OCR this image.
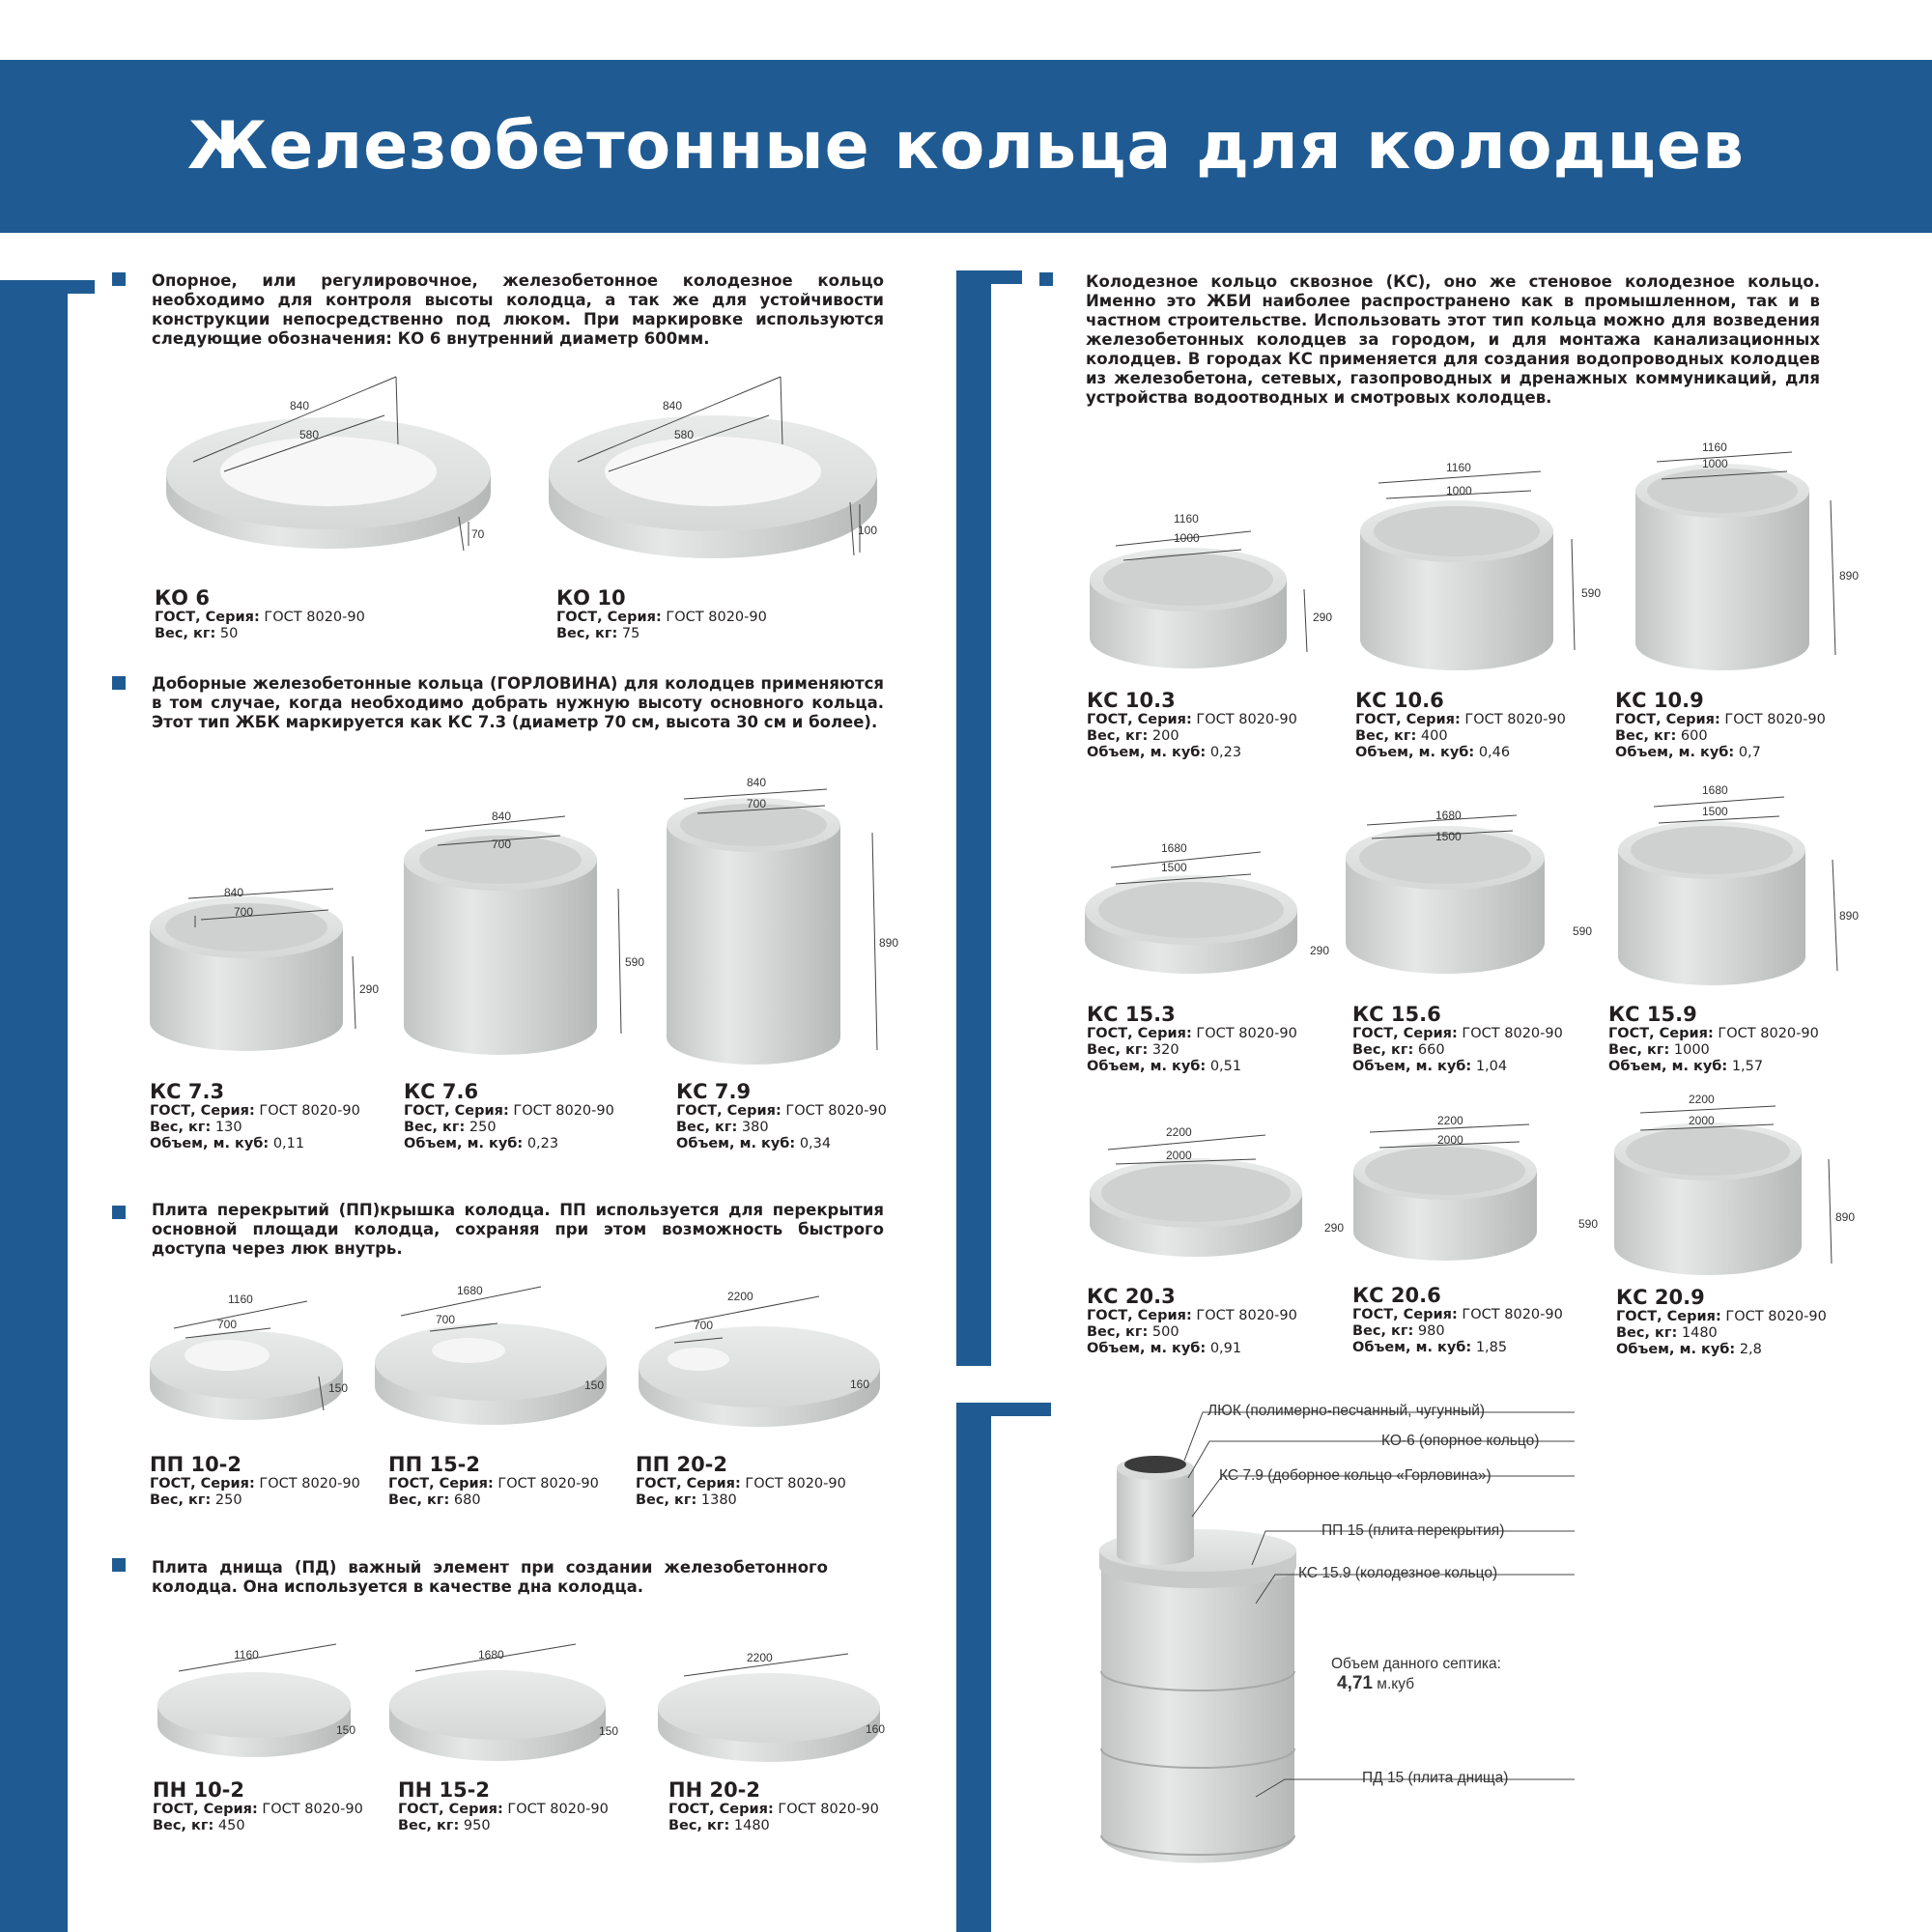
Железобетонные кольца для колодцев

Опорное, или регулировочное, железобетонное колодезное кольцо необходимо для контроля высоты колодца, а так же для устойчивости конструкции непосредственно под люком. При маркировке используются следующие обозначения: КО 6 внутренний диаметр 600мм.

Доборные железобетонные кольца (ГОРЛОВИНА) для колодцев применяются в том случае, когда необходимо добрать нужную высоту основного кольца. Этот тип ЖБК маркируется как КС 7.3 (диаметр 70 см, высота 30 см и более).

Плита перекрытий (ПП)крышка колодца. ПП используется для перекрытия основной площади колодца, сохраняя при этом возможность быстрого доступа через люк внутрь.

Плита днища (ПД) важный элемент при создании железобетонного колодца. Она используется в качестве дна колодца.

Колодезное кольцо сквозное (КС), оно же стеновое колодезное кольцо. Именно это ЖБИ наиболее распространено как в промышленном, так и в частном строительстве. Использовать этот тип кольца можно для возведения железобетонных колодцев за городом, и для монтажа канализационных колодцев. В городах КС применяется для создания водопроводных колодцев из железобетона, сетевых, газопроводных и дренажных коммуникаций, для устройства водоотводных и смотровых колодцев.

840
580
70
840
580
100
КО 6
ГОСТ, Серия: ГОСТ 8020-90
Вес, кг: 50
КО 10
ГОСТ, Серия: ГОСТ 8020-90
Вес, кг: 75
840
700
290
840
700
590
840
700
890
КС 7.3
ГОСТ, Серия: ГОСТ 8020-90
Вес, кг: 130
Объем, м. куб: 0,11
КС 7.6
ГОСТ, Серия: ГОСТ 8020-90
Вес, кг: 250
Объем, м. куб: 0,23
КС 7.9
ГОСТ, Серия: ГОСТ 8020-90
Вес, кг: 380
Объем, м. куб: 0,34
1160
700
150
1680
700
150
2200
700
160
ПП 10-2
ГОСТ, Серия: ГОСТ 8020-90
Вес, кг: 250
ПП 15-2
ГОСТ, Серия: ГОСТ 8020-90
Вес, кг: 680
ПП 20-2
ГОСТ, Серия: ГОСТ 8020-90
Вес, кг: 1380
1160
150
1680
150
2200
160
ПН 10-2
ГОСТ, Серия: ГОСТ 8020-90
Вес, кг: 450
ПН 15-2
ГОСТ, Серия: ГОСТ 8020-90
Вес, кг: 950
ПН 20-2
ГОСТ, Серия: ГОСТ 8020-90
Вес, кг: 1480
1160
1000
290
1160
1000
590
1160
1000
890
КС 10.3
ГОСТ, Серия: ГОСТ 8020-90
Вес, кг: 200
Объем, м. куб: 0,23
КС 10.6
ГОСТ, Серия: ГОСТ 8020-90
Вес, кг: 400
Объем, м. куб: 0,46
КС 10.9
ГОСТ, Серия: ГОСТ 8020-90
Вес, кг: 600
Объем, м. куб: 0,7
1680
1500
290
1680
1500
590
1680
1500
890
КС 15.3
ГОСТ, Серия: ГОСТ 8020-90
Вес, кг: 320
Объем, м. куб: 0,51
КС 15.6
ГОСТ, Серия: ГОСТ 8020-90
Вес, кг: 660
Объем, м. куб: 1,04
КС 15.9
ГОСТ, Серия: ГОСТ 8020-90
Вес, кг: 1000
Объем, м. куб: 1,57
2200
2000
290
2200
2000
590
2200
2000
890
КС 20.3
ГОСТ, Серия: ГОСТ 8020-90
Вес, кг: 500
Объем, м. куб: 0,91
КС 20.6
ГОСТ, Серия: ГОСТ 8020-90
Вес, кг: 980
Объем, м. куб: 1,85
КС 20.9
ГОСТ, Серия: ГОСТ 8020-90
Вес, кг: 1480
Объем, м. куб: 2,8
ЛЮК (полимерно-песчанный, чугунный)
КО-6 (опорное кольцо)
КС 7.9 (доборное кольцо «Горловина»)
ПП 15 (плита перекрытия)
КС 15.9 (колодезное кольцо)
ПД 15 (плита днища)
Объем данного септика:
4,71 м.куб
